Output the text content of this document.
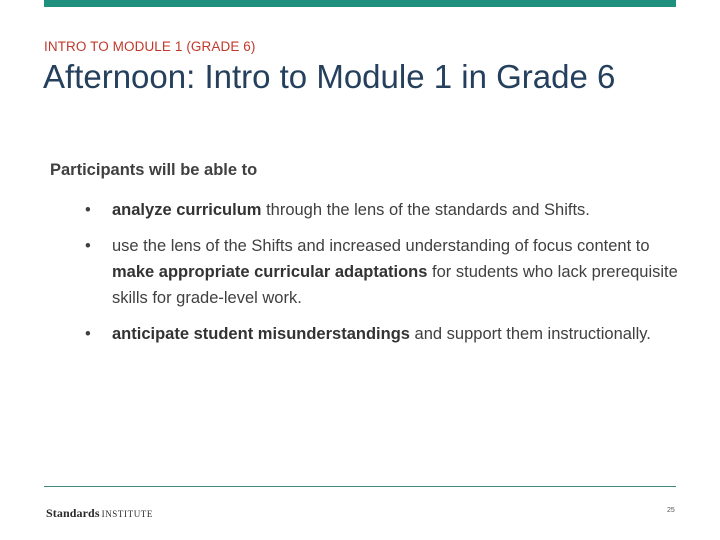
INTRO TO MODULE 1 (GRADE 6)
Afternoon: Intro to Module 1 in Grade 6
Participants will be able to
•	analyze curriculum through the lens of the standards and Shifts.
•	use the lens of the Shifts and increased understanding of focus content to make appropriate curricular adaptations for students who lack prerequisite skills for grade-level work.
•	anticipate student misunderstandings and support them instructionally.
Standards INSTITUTE	25
